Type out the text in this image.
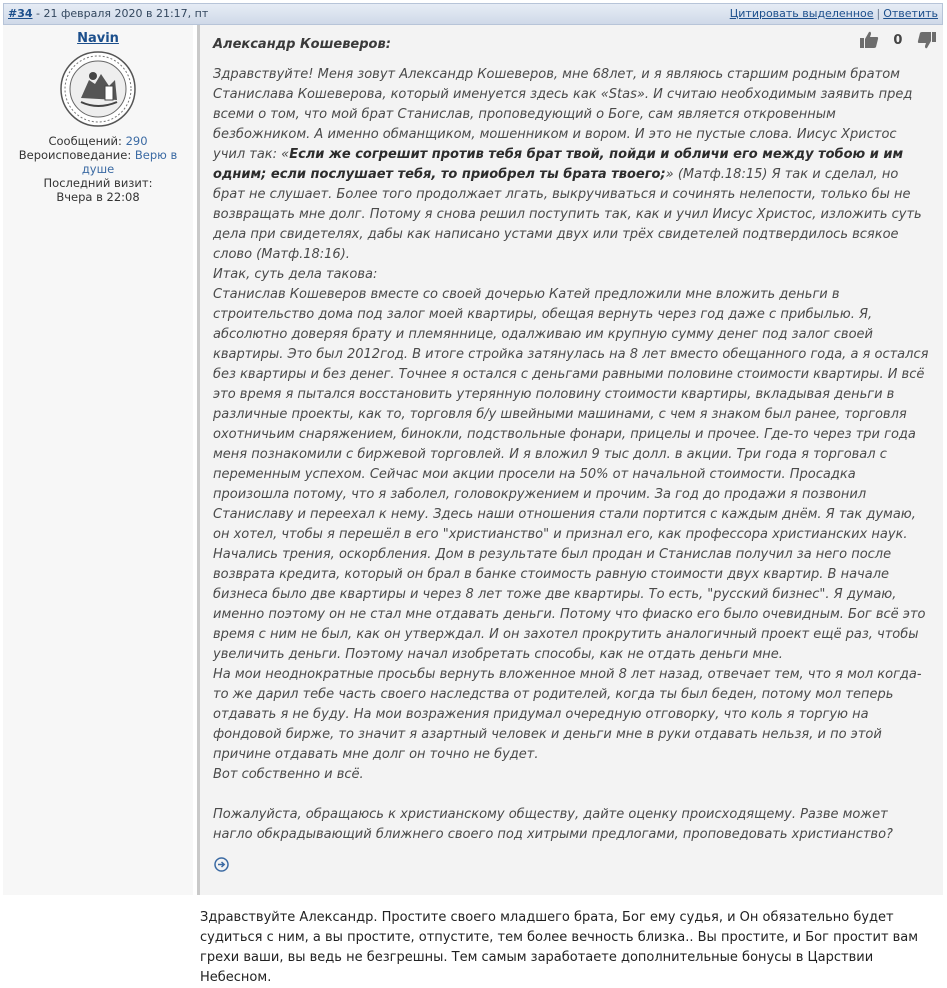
#34 - 21 февраля 2020 в 21:17, пт	Цитировать выделенное | Ответить
Navin
Сообщений: 290
Вероисповедание: Верю в душе
Последний визит:
Вчера в 22:08
0
Александр Кошеверов:

Здравствуйте! Меня зовут Александр Кошеверов, мне 68лет, и я являюсь старшим родным братом Станислава Кошеверова, который именуется здесь как «Stas». И считаю необходимым заявить пред всеми о том, что мой брат Станислав, проповедующий о Боге, сам является откровенным безбожником. А именно обманщиком, мошенником и вором. И это не пустые слова. Иисус Христос учил так: «Если же согрешит против тебя брат твой, пойди и обличи его между тобою и им одним; если послушает тебя, то приобрел ты брата твоего;» (Матф.18:15) Я так и сделал, но брат не слушает. Более того продолжает лгать, выкручиваться и сочинять нелепости, только бы не возвращать мне долг. Потому я снова решил поступить так, как и учил Иисус Христос, изложить суть дела при свидетелях, дабы как написано устами двух или трёх свидетелей подтвердилось всякое слово (Матф.18:16).

Итак, суть дела такова:

Станислав Кошеверов вместе со своей дочерью Катей предложили мне вложить деньги в строительство дома под залог моей квартиры, обещая вернуть через год даже с прибылью. Я, абсолютно доверяя брату и племяннице, одалживаю им крупную сумму денег под залог своей квартиры. Это был 2012год. В итоге стройка затянулась на 8 лет вместо обещанного года, а я остался без квартиры и без денег. Точнее я остался с деньгами равными половине стоимости квартиры. И всё это время я пытался восстановить утерянную половину стоимости квартиры, вкладывая деньги в различные проекты, как то, торговля б/у швейными машинами, с чем я знаком был ранее, торговля охотничьим снаряжением, бинокли, подствольные фонари, прицелы и прочее. Где-то через три года меня познакомили с биржевой торговлей. И я вложил 9 тыс долл. в акции. Три года я торговал с переменным успехом. Сейчас мои акции просели на 50% от начальной стоимости. Просадка произошла потому, что я заболел, головокружением и прочим. За год до продажи я позвонил Станиславу и переехал к нему. Здесь наши отношения стали портится с каждым днём. Я так думаю, он хотел, чтобы я перешёл в его "христианство" и признал его, как профессора христианских наук. Начались трения, оскорбления. Дом в результате был продан и Станислав получил за него после возврата кредита, который он брал в банке стоимость равную стоимости двух квартир. В начале бизнеса было две квартиры и через 8 лет тоже две квартиры. То есть, "русский бизнес". Я думаю, именно поэтому он не стал мне отдавать деньги. Потому что фиаско его было очевидным. Бог всё это время с ним не был, как он утверждал. И он захотел прокрутить аналогичный проект ещё раз, чтобы увеличить деньги. Поэтому начал изобретать способы, как не отдать деньги мне.

На мои неоднократные просьбы вернуть вложенное мной 8 лет назад, отвечает тем, что я мол когда-то же дарил тебе часть своего наследства от родителей, когда ты был беден, потому мол теперь отдавать я не буду. На мои возражения придумал очередную отговорку, что коль я торгую на фондовой бирже, то значит я азартный человек и деньги мне в руки отдавать нельзя, и по этой причине отдавать мне долг он точно не будет.

Вот собственно и всё.

Пожалуйста, обращаюсь к христианскому обществу, дайте оценку происходящему. Разве может нагло обкрадывающий ближнего своего под хитрыми предлогами, проповедовать христианство?

Здравствуйте Александр. Простите своего младшего брата, Бог ему судья, и Он обязательно будет судиться с ним, а вы простите, отпустите, тем более вечность близка.. Вы простите, и Бог простит вам грехи ваши, вы ведь не безгрешны. Тем самым заработаете дополнительные бонусы в Царствии Небесном.
